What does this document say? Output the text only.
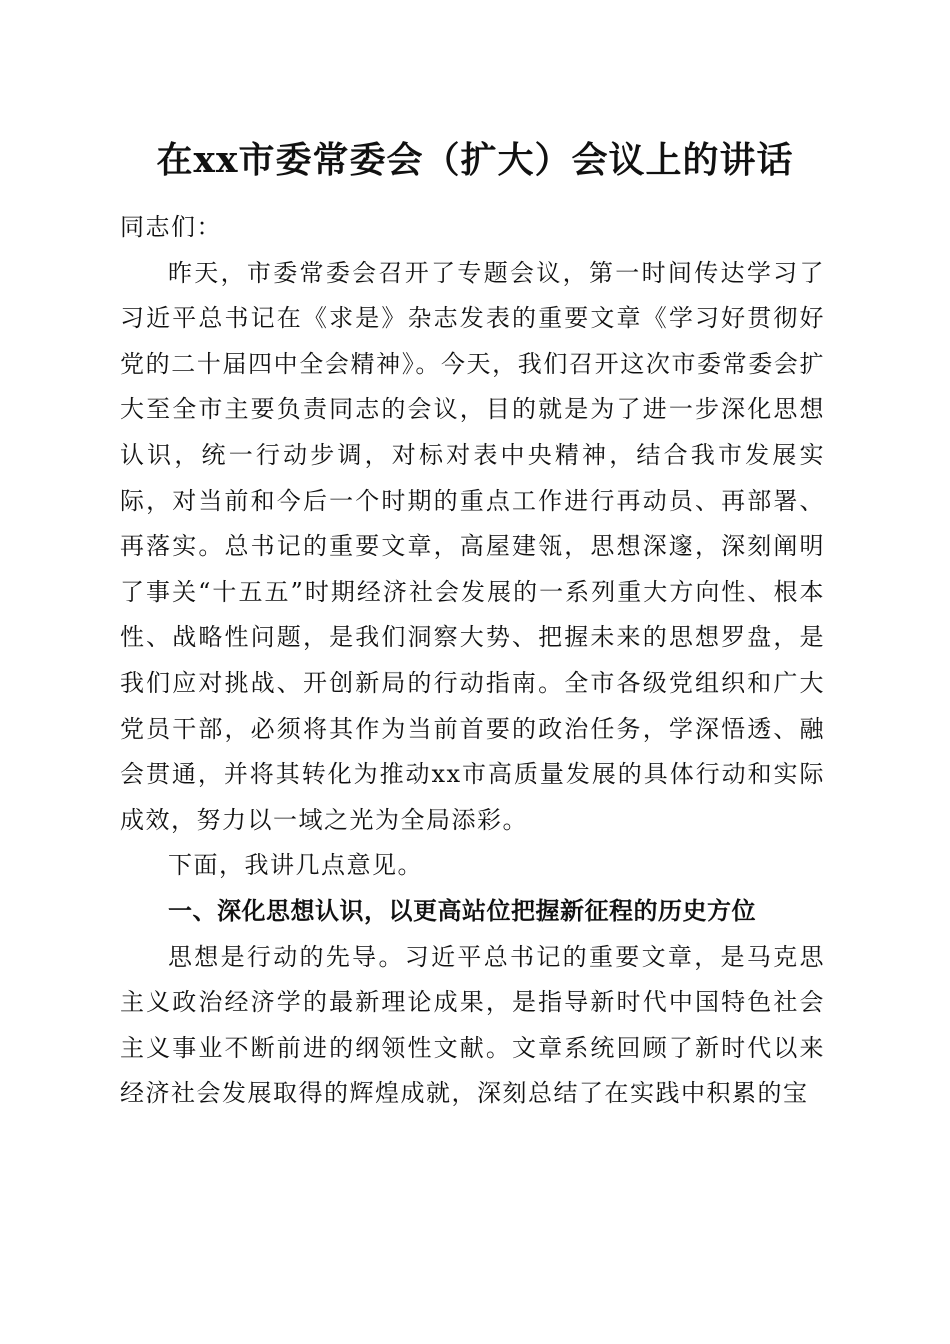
在xx市委常委会（扩大）会议上的讲话

同志们：

昨天，市委常委会召开了专题会议，第一时间传达学习了习近平总书记在《求是》杂志发表的重要文章《学习好贯彻好党的二十届四中全会精神》。今天，我们召开这次市委常委会扩大至全市主要负责同志的会议，目的就是为了进一步深化思想认识，统一行动步调，对标对表中央精神，结合我市发展实际，对当前和今后一个时期的重点工作进行再动员、再部署、再落实。总书记的重要文章，高屋建瓴，思想深邃，深刻阐明了事关“十五五”时期经济社会发展的一系列重大方向性、根本性、战略性问题，是我们洞察大势、把握未来的思想罗盘，是我们应对挑战、开创新局的行动指南。全市各级党组织和广大党员干部，必须将其作为当前首要的政治任务，学深悟透、融会贯通，并将其转化为推动xx市高质量发展的具体行动和实际成效，努力以一域之光为全局添彩。

下面，我讲几点意见。

一、深化思想认识，以更高站位把握新征程的历史方位

思想是行动的先导。习近平总书记的重要文章，是马克思主义政治经济学的最新理论成果，是指导新时代中国特色社会主义事业不断前进的纲领性文献。文章系统回顾了新时代以来经济社会发展取得的辉煌成就，深刻总结了在实践中积累的宝
